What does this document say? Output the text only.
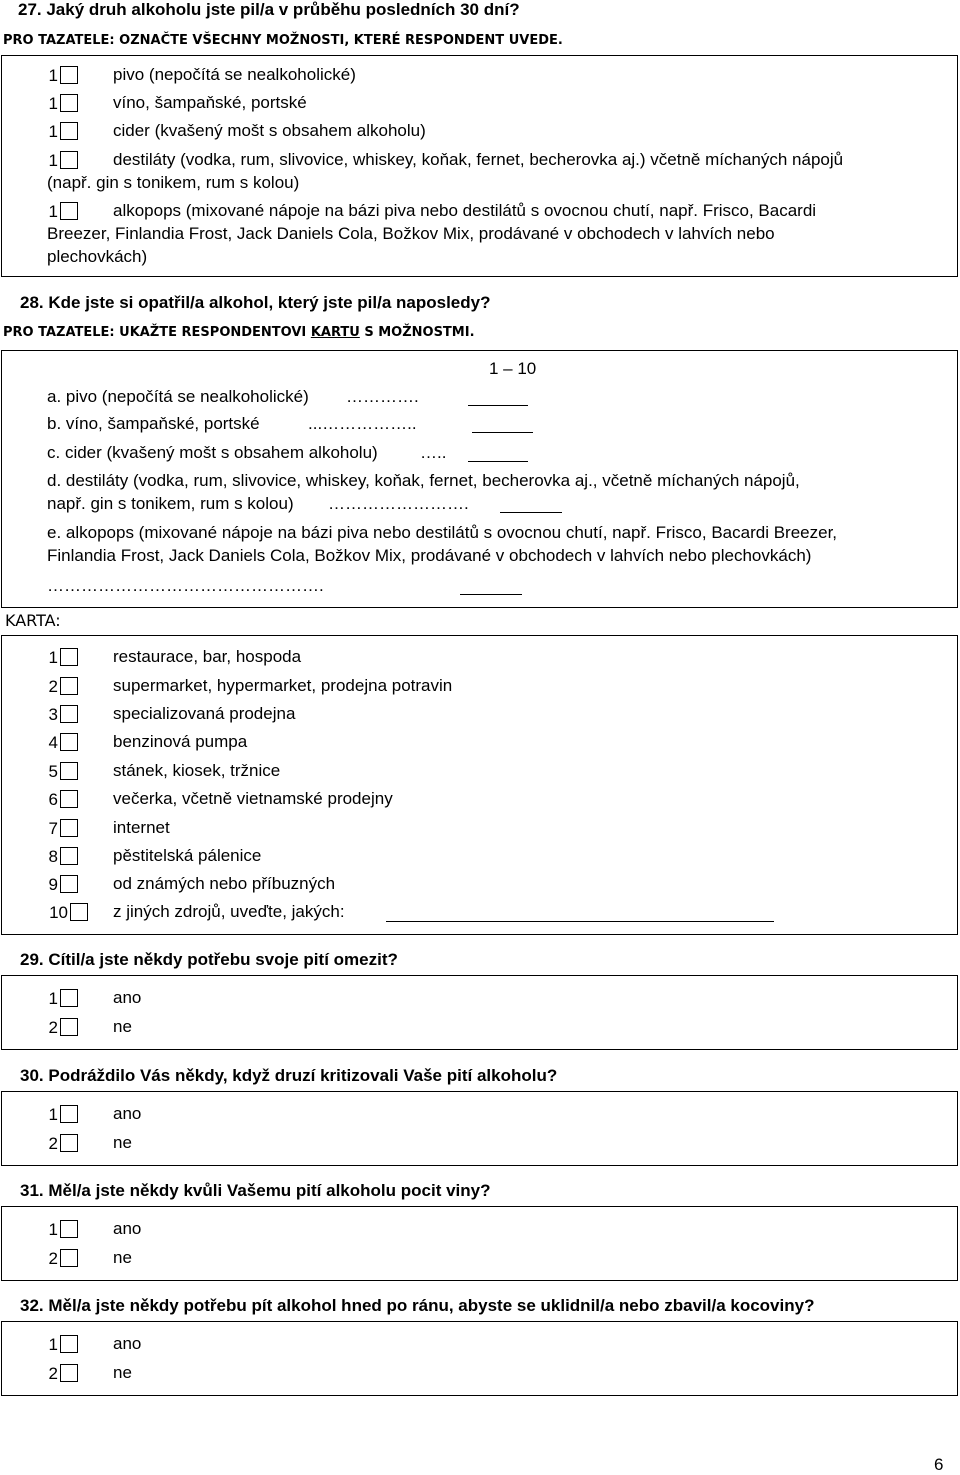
27. Jaký druh alkoholu jste pil/a v průběhu posledních 30 dní?
PRO TAZATELE: OZNAČTE VŠECHNY MOŽNOSTI, KTERÉ RESPONDENT UVEDE.
1	pivo (nepočítá se nealkoholické)
1	víno, šampaňské, portské
1	cider (kvašený mošt s obsahem alkoholu)
1	destiláty (vodka, rum, slivovice, whiskey, koňak, fernet, becherovka aj.) včetně míchaných nápojů
(např. gin s tonikem, rum s kolou)
1	alkopops (mixované nápoje na bázi piva nebo destilátů s ovocnou chutí, např. Frisco, Bacardi
Breezer, Finlandia Frost, Jack Daniels Cola, Božkov Mix, prodávané v obchodech v lahvích nebo
plechovkách)
28. Kde jste si opatřil/a alkohol, který jste pil/a naposledy?
PRO TAZATELE: UKAŽTE RESPONDENTOVI KARTU S MOŽNOSTMI.
1 – 10
a. pivo (nepočítá se nealkoholické) ………….
b. víno, šampaňské, portské	...……………..
c. cider (kvašený mošt s obsahem alkoholu) …..
d. destiláty (vodka, rum, slivovice, whiskey, koňak, fernet, becherovka aj., včetně míchaných nápojů,
např. gin s tonikem, rum s kolou) …………………….
e. alkopops (mixované nápoje na bázi piva nebo destilátů s ovocnou chutí, např. Frisco, Bacardi Breezer,
Finlandia Frost, Jack Daniels Cola, Božkov Mix, prodávané v obchodech v lahvích nebo plechovkách)
………………………………………….
KARTA:
1	restaurace, bar, hospoda
2	supermarket, hypermarket, prodejna potravin
3	specializovaná prodejna
4	benzinová pumpa
5	stánek, kiosek, tržnice
6	večerka, včetně vietnamské prodejny
7	internet
8	pěstitelská pálenice
9	od známých nebo příbuzných
10	z jiných zdrojů, uveďte, jakých:
29. Cítil/a jste někdy potřebu svoje pití omezit?
1	ano
2	ne
30. Podráždilo Vás někdy, když druzí kritizovali Vaše pití alkoholu?
1	ano
2	ne
31. Měl/a jste někdy kvůli Vašemu pití alkoholu pocit viny?
1	ano
2	ne
32. Měl/a jste někdy potřebu pít alkohol hned po ránu, abyste se uklidnil/a nebo zbavil/a kocoviny?
1	ano
2	ne
6
